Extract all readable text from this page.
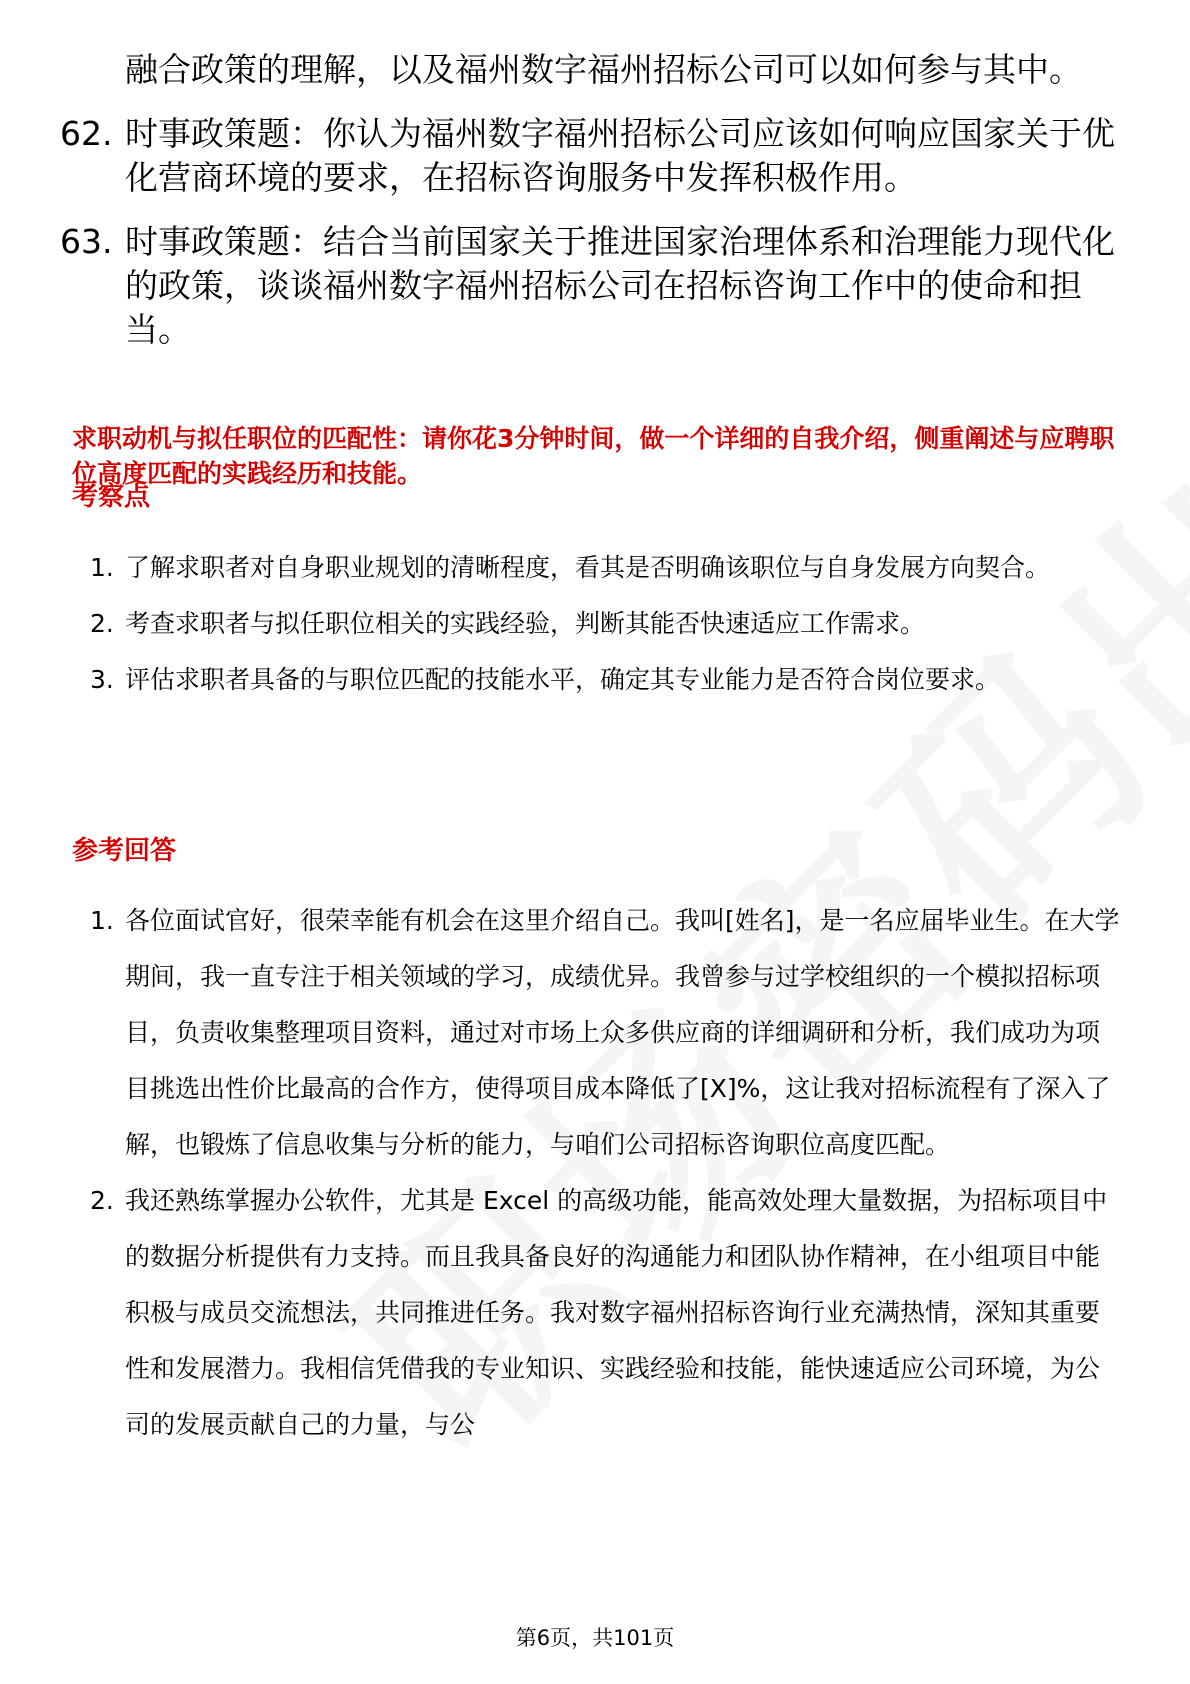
融合政策的理解，以及福州数字福州招标公司可以如何参与其中。
62. 时事政策题：你认为福州数字福州招标公司应该如何响应国家关于优化营商环境的要求，在招标咨询服务中发挥积极作用。
63. 时事政策题：结合当前国家关于推进国家治理体系和治理能力现代化的政策，谈谈福州数字福州招标公司在招标咨询工作中的使命和担当。
求职动机与拟任职位的匹配性：请你花3分钟时间，做一个详细的自我介绍，侧重阐述与应聘职位高度匹配的实践经历和技能。
考察点
1. 了解求职者对自身职业规划的清晰程度，看其是否明确该职位与自身发展方向契合。
2. 考查求职者与拟任职位相关的实践经验，判断其能否快速适应工作需求。
3. 评估求职者具备的与职位匹配的技能水平，确定其专业能力是否符合岗位要求。
参考回答
1. 各位面试官好，很荣幸能有机会在这里介绍自己。我叫[姓名]，是一名应届毕业生。在大学期间，我一直专注于相关领域的学习，成绩优异。我曾参与过学校组织的一个模拟招标项目，负责收集整理项目资料，通过对市场上众多供应商的详细调研和分析，我们成功为项目挑选出性价比最高的合作方，使得项目成本降低了[X]%，这让我对招标流程有了深入了解，也锻炼了信息收集与分析的能力，与咱们公司招标咨询职位高度匹配。
2. 我还熟练掌握办公软件，尤其是 Excel 的高级功能，能高效处理大量数据，为招标项目中的数据分析提供有力支持。而且我具备良好的沟通能力和团队协作精神，在小组项目中能积极与成员交流想法，共同推进任务。我对数字福州招标咨询行业充满热情，深知其重要性和发展潜力。我相信凭借我的专业知识、实践经验和技能，能快速适应公司环境，为公司的发展贡献自己的力量，与公
第6页，共101页
